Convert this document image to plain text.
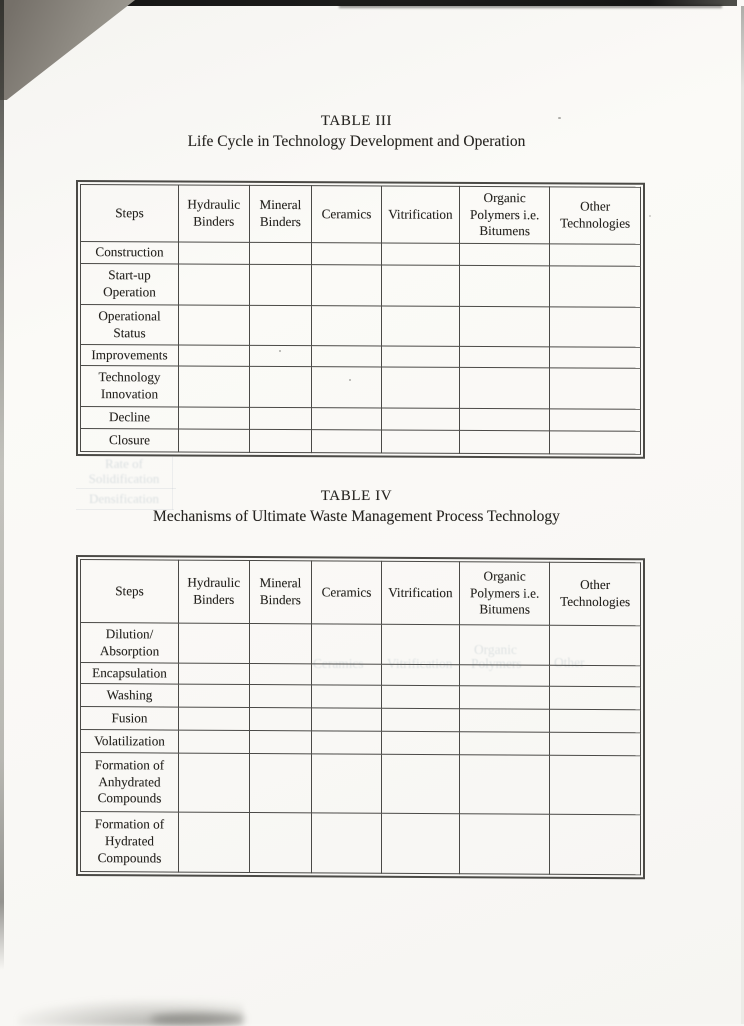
TABLE III
Life Cycle in Technology Development and Operation
Steps	Hydraulic Binders	Mineral Binders	Ceramics	Vitrification	Organic Polymers i.e. Bitumens	Other Technologies
Construction						
Start-up Operation						
Operational Status						
Improvements						
Technology Innovation						
Decline						
Closure						
Rate of Solidification
Densification	TABLE IV
Mechanisms of Ultimate Waste Management Process Technology
Steps	Hydraulic Binders	Mineral Binders	Ceramics	Vitrification	Organic Polymers i.e. Bitumens	Other Technologies
Dilution/ Absorption						
Encapsulation						
Washing						
Fusion						
Volatilization						
Formation of Anhydrated Compounds						
Formation of Hydrated Compounds						
Ceramics Vitrification
Organic
Polymers Other
